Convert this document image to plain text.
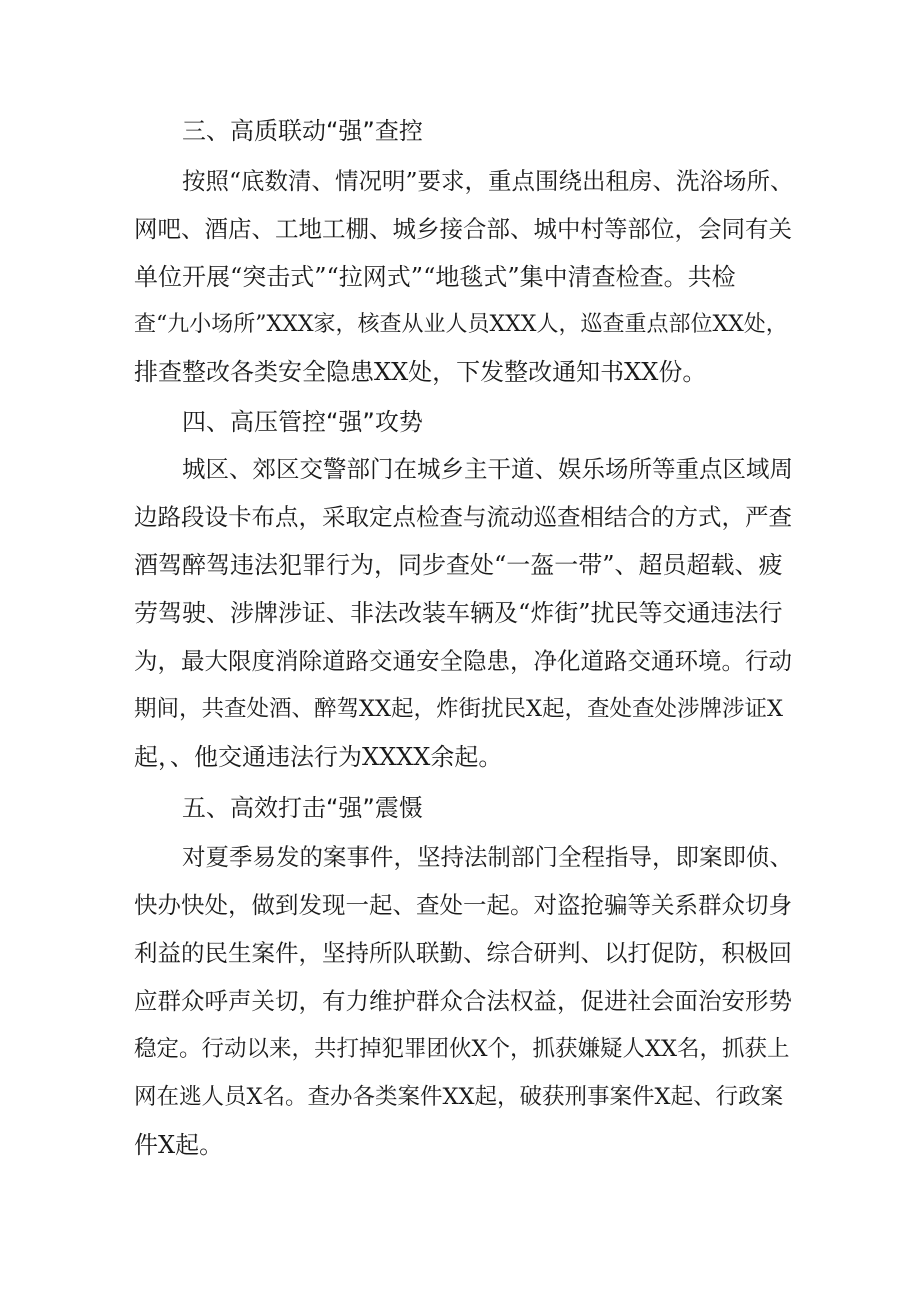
三、高质联动“强”查控
按照“底数清、情况明”要求，重点围绕出租房、洗浴场所、
网吧、酒店、工地工棚、城乡接合部、城中村等部位，会同有关
单位开展“突击式”“拉网式”“地毯式”集中清查检查。共检
查“九小场所”XXX家，核查从业人员XXX人，巡查重点部位XX处，
排查整改各类安全隐患XX处，下发整改通知书XX份。
四、高压管控“强”攻势
城区、郊区交警部门在城乡主干道、娱乐场所等重点区域周
边路段设卡布点，采取定点检查与流动巡查相结合的方式，严查
酒驾醉驾违法犯罪行为，同步查处“一盔一带”、超员超载、疲
劳驾驶、涉牌涉证、非法改装车辆及“炸街”扰民等交通违法行
为，最大限度消除道路交通安全隐患，净化道路交通环境。行动
期间，共查处酒、醉驾XX起，炸街扰民X起，查处查处涉牌涉证X
起，、他交通违法行为XXXX余起。
五、高效打击“强”震慑
对夏季易发的案事件，坚持法制部门全程指导，即案即侦、
快办快处，做到发现一起、查处一起。对盗抢骗等关系群众切身
利益的民生案件，坚持所队联勤、综合研判、以打促防，积极回
应群众呼声关切，有力维护群众合法权益，促进社会面治安形势
稳定。行动以来，共打掉犯罪团伙X个，抓获嫌疑人XX名，抓获上
网在逃人员X名。查办各类案件XX起，破获刑事案件X起、行政案
件X起。
